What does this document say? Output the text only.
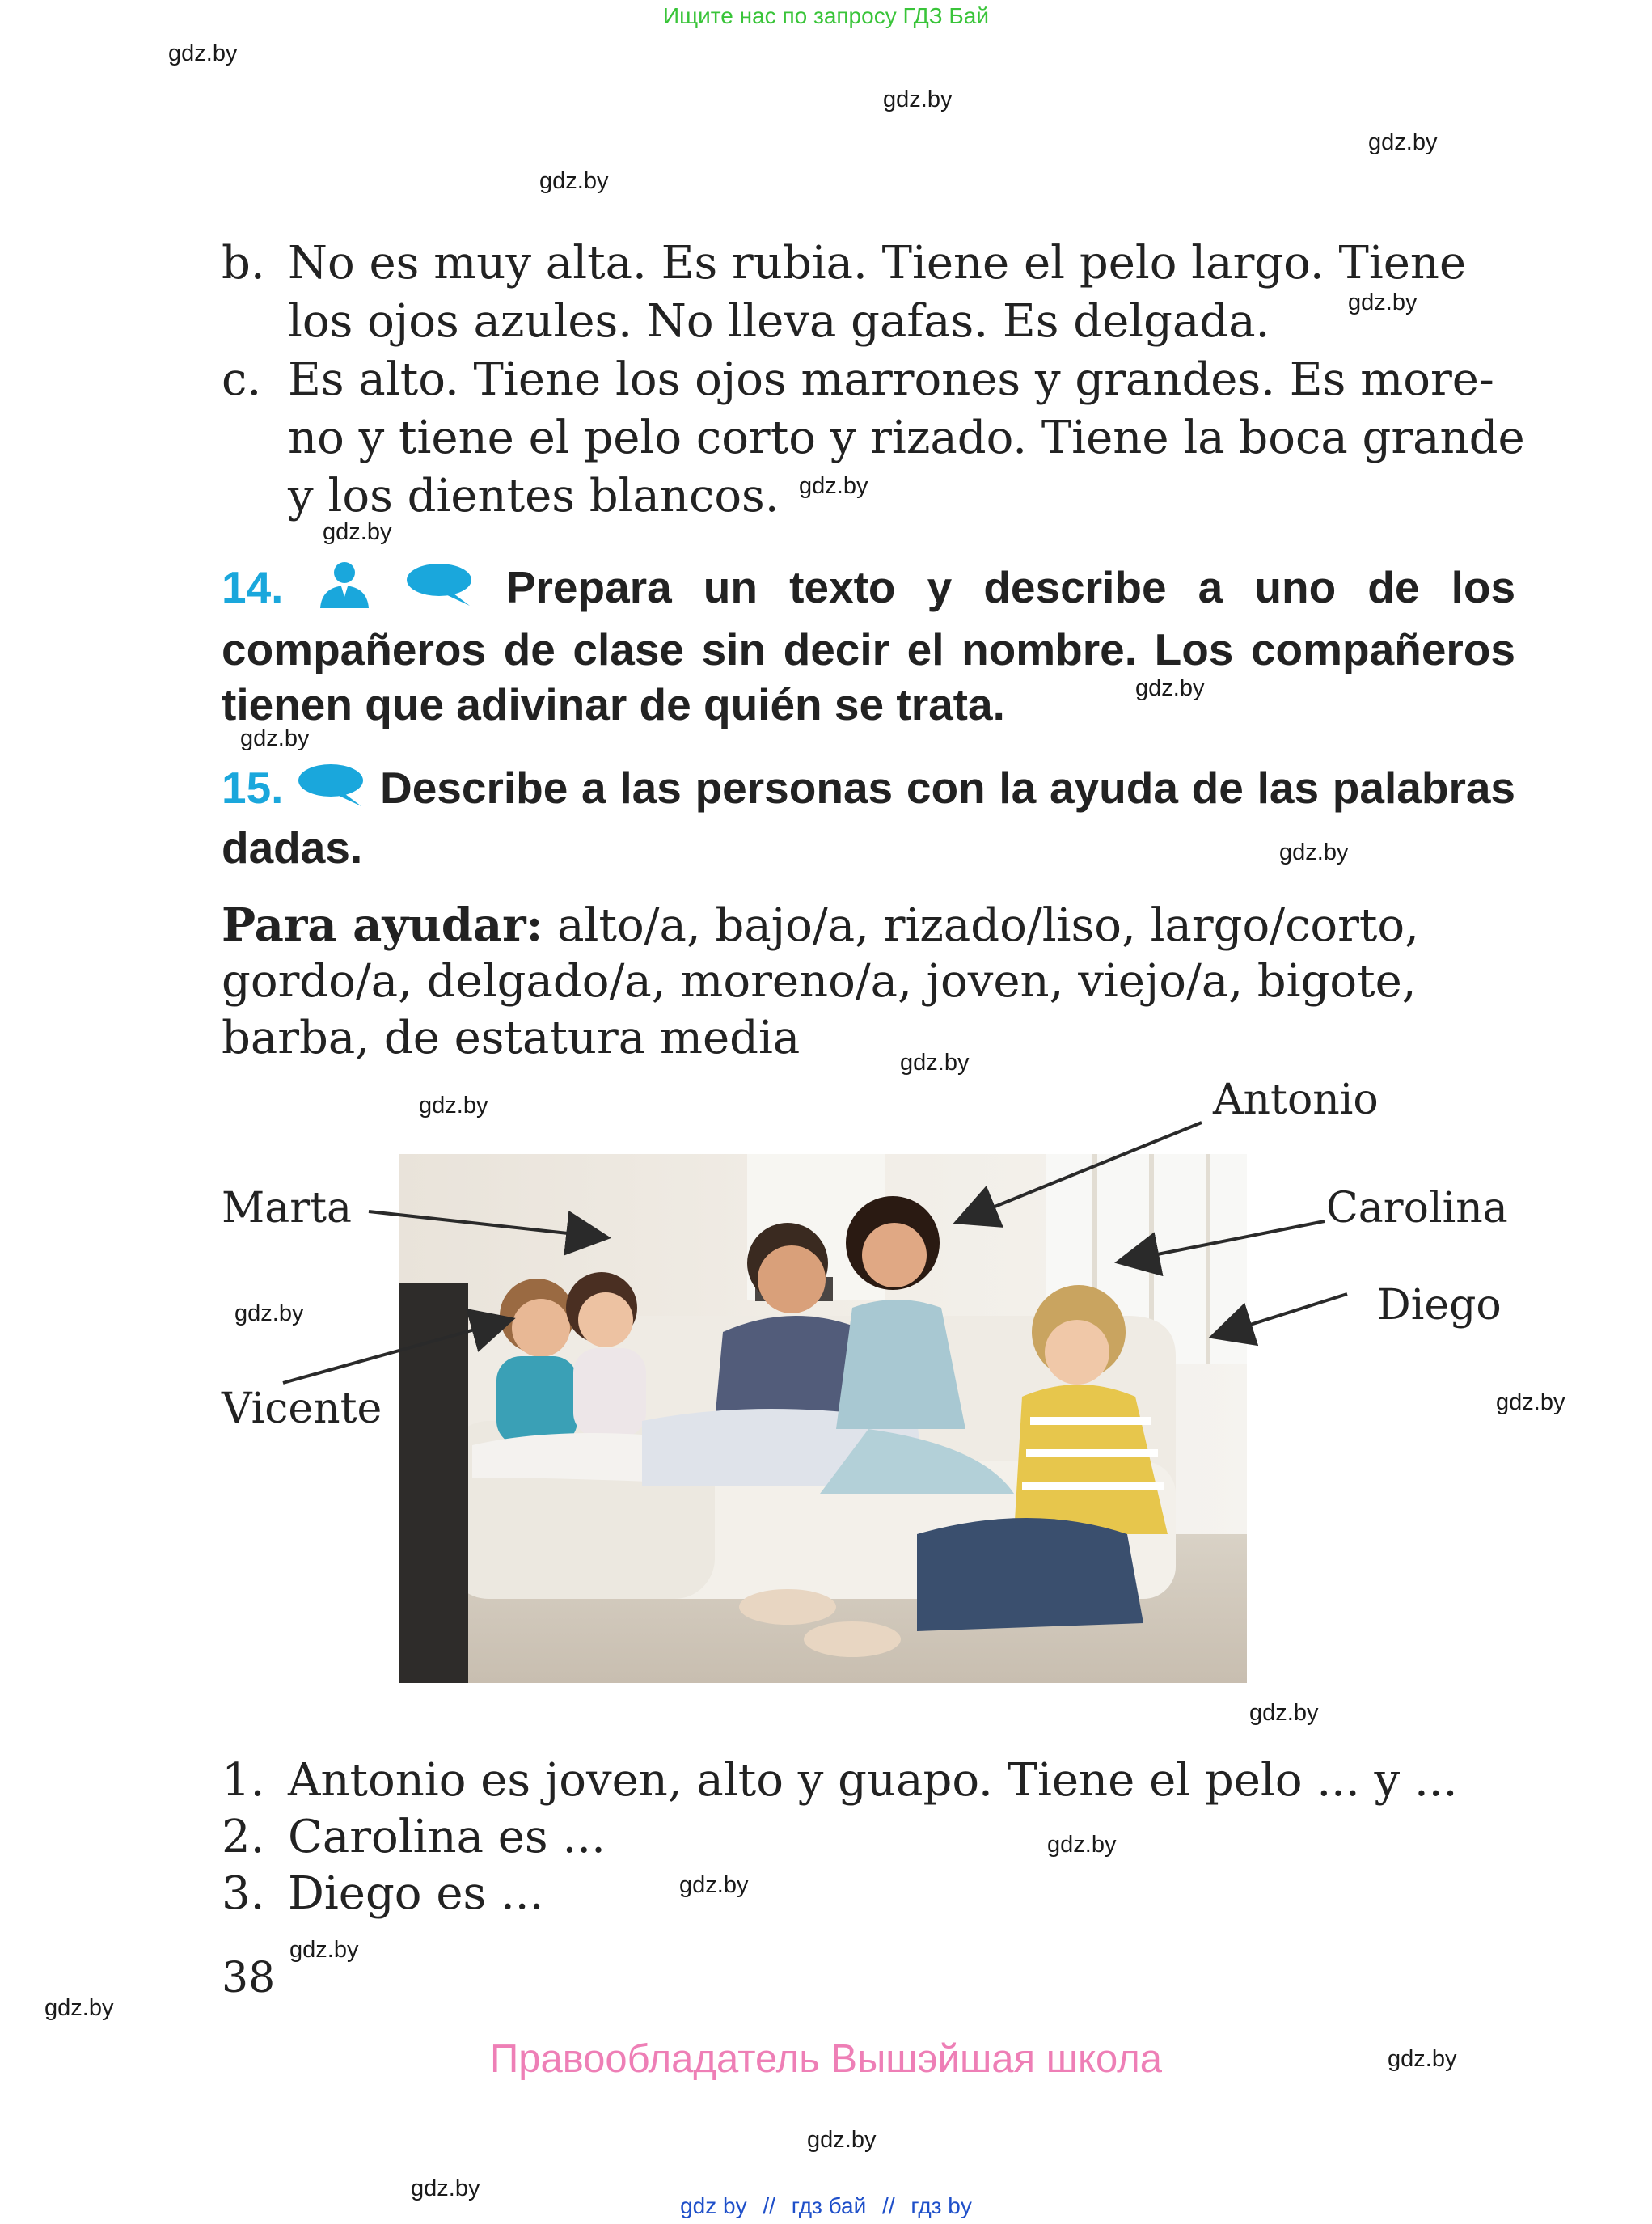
Ищите нас по запросу ГДЗ Бай
gdz.by
gdz.by
gdz.by
gdz.by
gdz.by
gdz.by
gdz.by
gdz.by
gdz.by
gdz.by
gdz.by
gdz.by
gdz.by
gdz.by
gdz.by
gdz.by
gdz.by
gdz.by
gdz.by
gdz.by
gdz.by
gdz.by
b. No es muy alta. Es rubia. Tiene el pelo largo. Tiene
los ojos azules. No lleva gafas. Es delgada.
c. Es alto. Tiene los ojos marrones y grandes. Es more-
no y tiene el pelo corto y rizado. Tiene la boca grande
y los dientes blancos.
14.	Prepara un texto y describe a uno de los compañeros de clase sin decir el nombre. Los compañeros tienen que adivinar de quién se trata.
15. Describe a las personas con la ayuda de las palabras dadas.
Para ayudar: alto/a, bajo/a, rizado/liso, largo/corto,
gordo/a, delgado/a, moreno/a, joven, viejo/a, bigote,
barba, de estatura media
Antonio
Marta	Carolina
Diego
Vicente
1. Antonio es joven, alto y guapo. Tiene el pelo ... y ...
2. Carolina es ...
3. Diego es ...
38
Правообладатель Вышэйшая школа
gdz by // гдз бай // гдз by
